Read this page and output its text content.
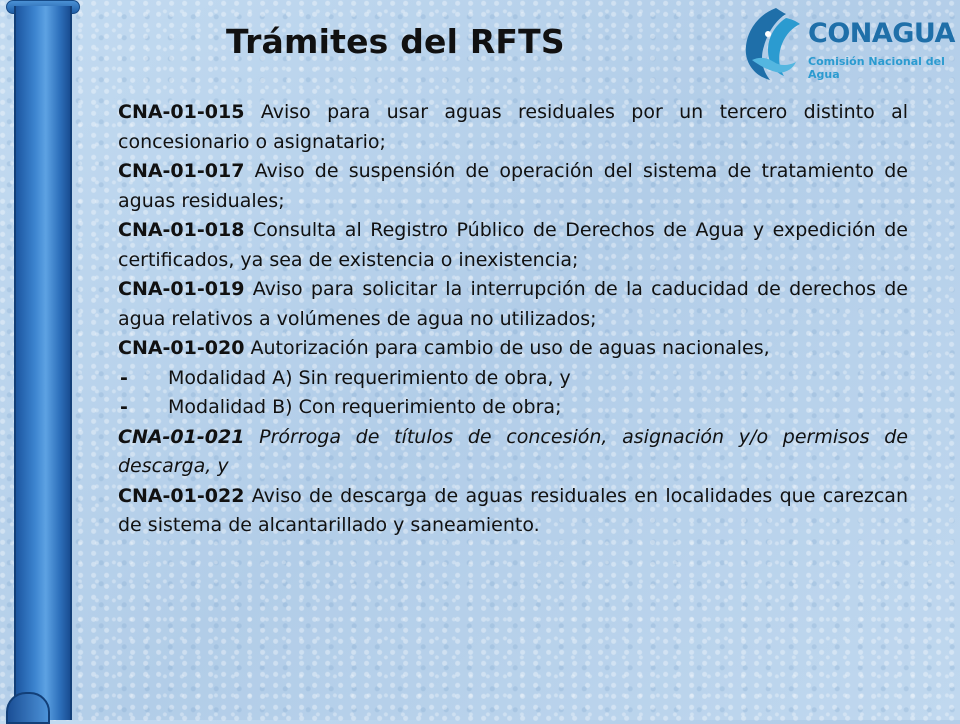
Trámites del RFTS	CONAGUA
Comisión Nacional del Agua

CNA-01-015 Aviso para usar aguas residuales por un tercero distinto al concesionario o asignatario;

CNA-01-017 Aviso de suspensión de operación del sistema de tratamiento de aguas residuales;

CNA-01-018 Consulta al Registro Público de Derechos de Agua y expedición de certificados, ya sea de existencia o inexistencia;

CNA-01-019 Aviso para solicitar la interrupción de la caducidad de derechos de agua relativos a volúmenes de agua no utilizados;

CNA-01-020 Autorización para cambio de uso de aguas nacionales,

-	Modalidad A) Sin requerimiento de obra, y

-	Modalidad B) Con requerimiento de obra;

CNA-01-021 Prórroga de títulos de concesión, asignación y/o permisos de descarga, y

CNA-01-022 Aviso de descarga de aguas residuales en localidades que carezcan de sistema de alcantarillado y saneamiento.
